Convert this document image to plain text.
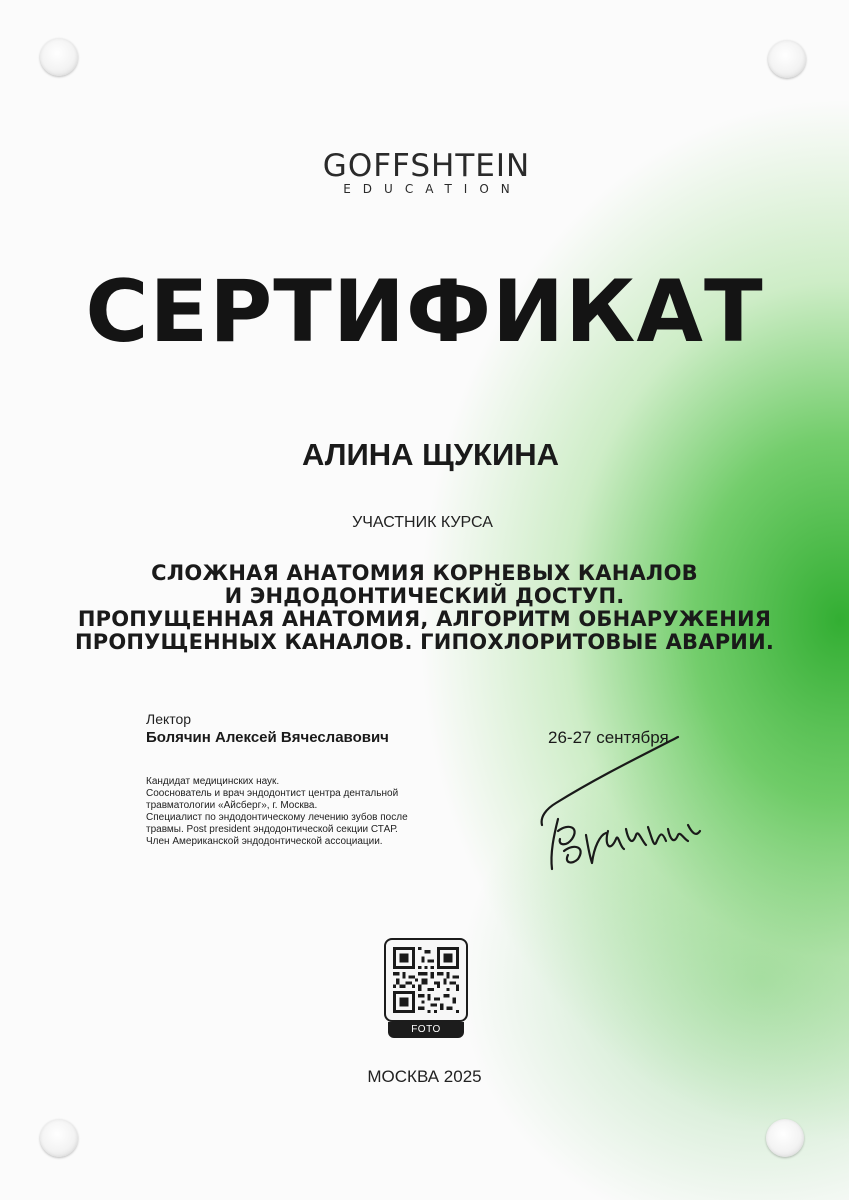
GOFFSHTEIN
EDUCATION
СЕРТИФИКАТ
АЛИНА ЩУКИНА
УЧАСТНИК КУРСА
СЛОЖНАЯ АНАТОМИЯ КОРНЕВЫХ КАНАЛОВ
И ЭНДОДОНТИЧЕСКИЙ ДОСТУП.
ПРОПУЩЕННАЯ АНАТОМИЯ, АЛГОРИТМ ОБНАРУЖЕНИЯ
ПРОПУЩЕННЫХ КАНАЛОВ. ГИПОХЛОРИТОВЫЕ АВАРИИ.
Лектор
Болячин Алексей Вячеславович	26-27 сентября
Кандидат медицинских наук.
Сооснователь и врач эндодонтист центра дентальной
травматологии «Айсберг», г. Москва.
Специалист по эндодонтическому лечению зубов после
травмы. Post president эндодонтической секции СТАР.
Член Американской эндодонтической ассоциации.
FOTO
МОСКВА 2025
